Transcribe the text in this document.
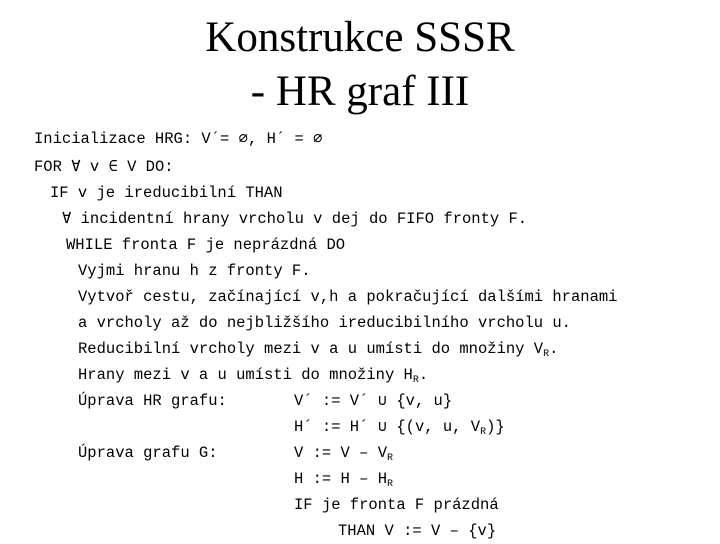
Konstrukce SSSR
- HR graf III

Inicializace HRG: V´= ∅, H´ = ∅

FOR ∀ v ∈ V DO:

IF v je ireducibilní THAN

∀ incidentní hrany vrcholu v dej do FIFO fronty F.

WHILE fronta F je neprázdná DO

Vyjmi hranu h z fronty F.

Vytvoř cestu, začínající v,h a pokračující dalšími hranami

a vrcholy až do nejbližšího ireducibilního vrcholu u.

Reducibilní vrcholy mezi v a u umísti do množiny $V_R$.

Hrany mezi v a u umísti do množiny $H_R$.

Úprava HR grafu:

	V´ := V´ ∪ {v, u}

H´ := H´ ∪ {(v, u, $V_R$)}

Úprava grafu G:

	V := V – $V_R$

H := H – $H_R$

IF je fronta F prázdná

THAN V := V – {v}
